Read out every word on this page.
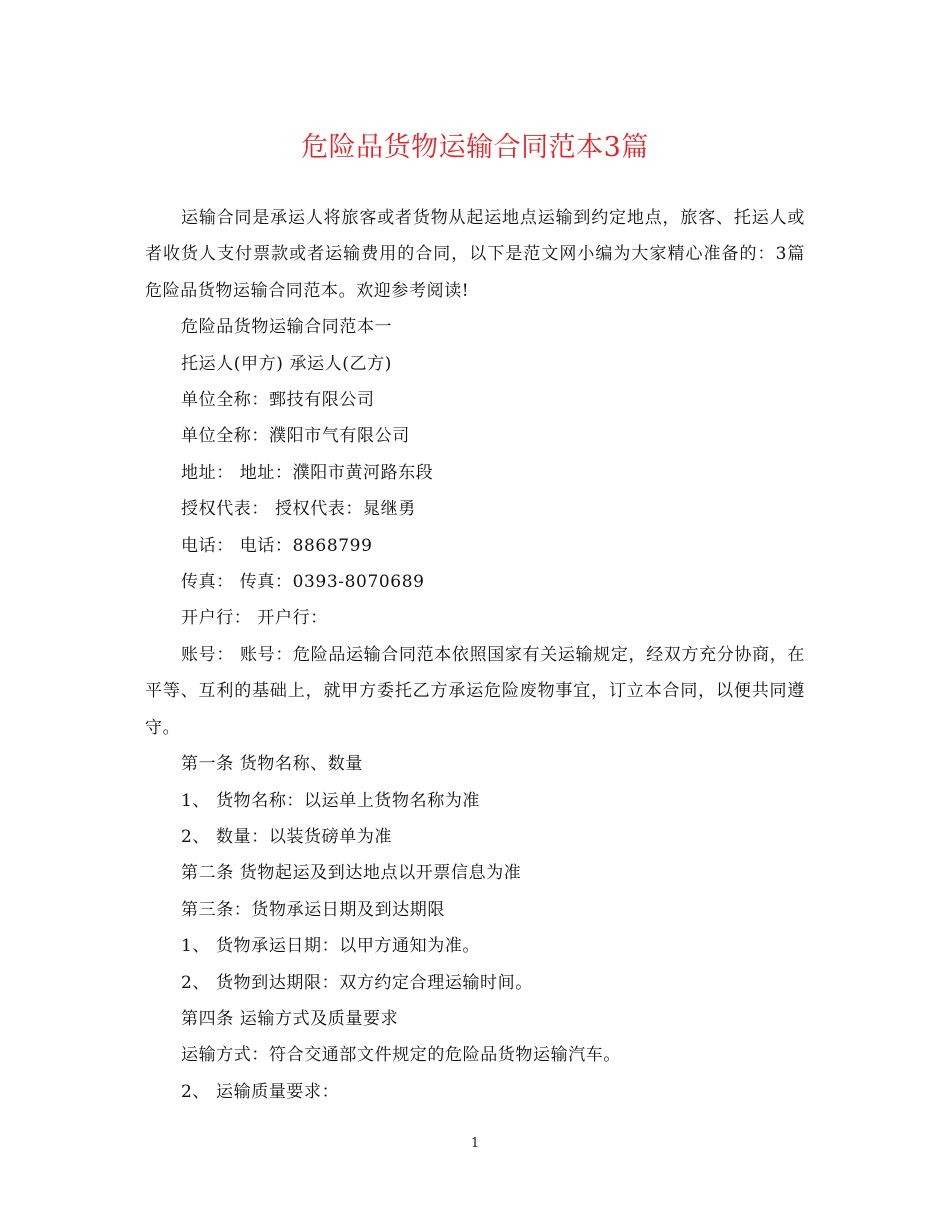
危险品货物运输合同范本3篇

运输合同是承运人将旅客或者货物从起运地点运输到约定地点，旅客、托运人或者收货人支付票款或者运输费用的合同，以下是范文网小编为大家精心准备的：3篇危险品货物运输合同范本。欢迎参考阅读!

危险品货物运输合同范本一

托运人(甲方) 承运人(乙方)

单位全称：鄄技有限公司

单位全称：濮阳市气有限公司

地址： 地址：濮阳市黄河路东段

授权代表： 授权代表：晁继勇

电话： 电话：8868799

传真： 传真：0393-8070689

开户行： 开户行：

账号： 账号：危险品运输合同范本依照国家有关运输规定，经双方充分协商，在平等、互利的基础上，就甲方委托乙方承运危险废物事宜，订立本合同，以便共同遵守。

第一条 货物名称、数量

1、 货物名称：以运单上货物名称为准

2、 数量：以装货磅单为准

第二条 货物起运及到达地点以开票信息为准

第三条：货物承运日期及到达期限

1、 货物承运日期：以甲方通知为准。

2、 货物到达期限：双方约定合理运输时间。

第四条 运输方式及质量要求

运输方式：符合交通部文件规定的危险品货物运输汽车。

2、 运输质量要求：

1
